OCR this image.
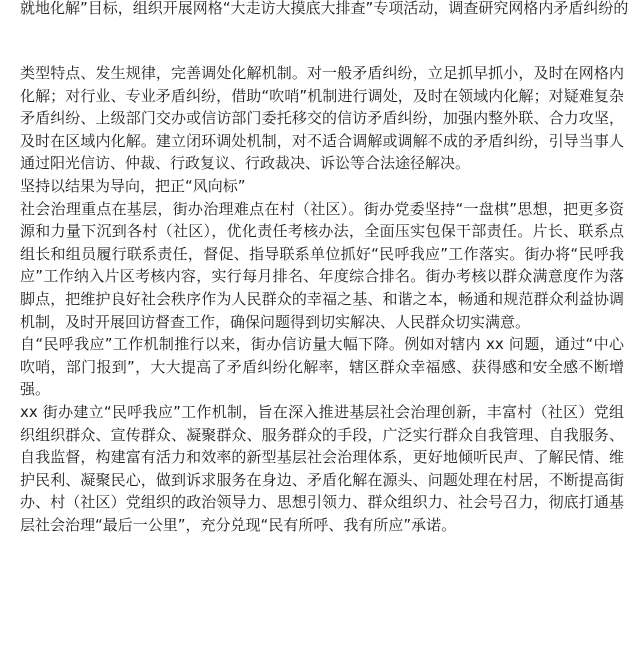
就地化解”目标，组织开展网格“大走访大摸底大排查”专项活动，调查研究网格内矛盾纠纷的

类型特点、发生规律，完善调处化解机制。对一般矛盾纠纷，立足抓早抓小，及时在网格内化解；对行业、专业矛盾纠纷，借助“吹哨”机制进行调处，及时在领域内化解；对疑难复杂矛盾纠纷、上级部门交办或信访部门委托移交的信访矛盾纠纷，加强内整外联、合力攻坚，及时在区域内化解。建立闭环调处机制，对不适合调解或调解不成的矛盾纠纷，引导当事人通过阳光信访、仲裁、行政复议、行政裁决、诉讼等合法途径解决。

坚持以结果为导向，把正“风向标”

社会治理重点在基层，街办治理难点在村（社区）。街办党委坚持“一盘棋”思想，把更多资源和力量下沉到各村（社区），优化责任考核办法，全面压实包保干部责任。片长、联系点组长和组员履行联系责任，督促、指导联系单位抓好“民呼我应”工作落实。街办将“民呼我应”工作纳入片区考核内容，实行每月排名、年度综合排名。街办考核以群众满意度作为落脚点，把维护良好社会秩序作为人民群众的幸福之基、和谐之本，畅通和规范群众利益协调机制，及时开展回访督查工作，确保问题得到切实解决、人民群众切实满意。

自“民呼我应”工作机制推行以来，街办信访量大幅下降。例如对辖内 xx 问题，通过“中心吹哨，部门报到”，大大提高了矛盾纠纷化解率，辖区群众幸福感、获得感和安全感不断增强。

xx 街办建立“民呼我应”工作机制，旨在深入推进基层社会治理创新，丰富村（社区）党组织组织群众、宣传群众、凝聚群众、服务群众的手段，广泛实行群众自我管理、自我服务、自我监督，构建富有活力和效率的新型基层社会治理体系，更好地倾听民声、了解民情、维护民利、凝聚民心，做到诉求服务在身边、矛盾化解在源头、问题处理在村居，不断提高街办、村（社区）党组织的政治领导力、思想引领力、群众组织力、社会号召力，彻底打通基层社会治理“最后一公里”，充分兑现“民有所呼、我有所应”承诺。
